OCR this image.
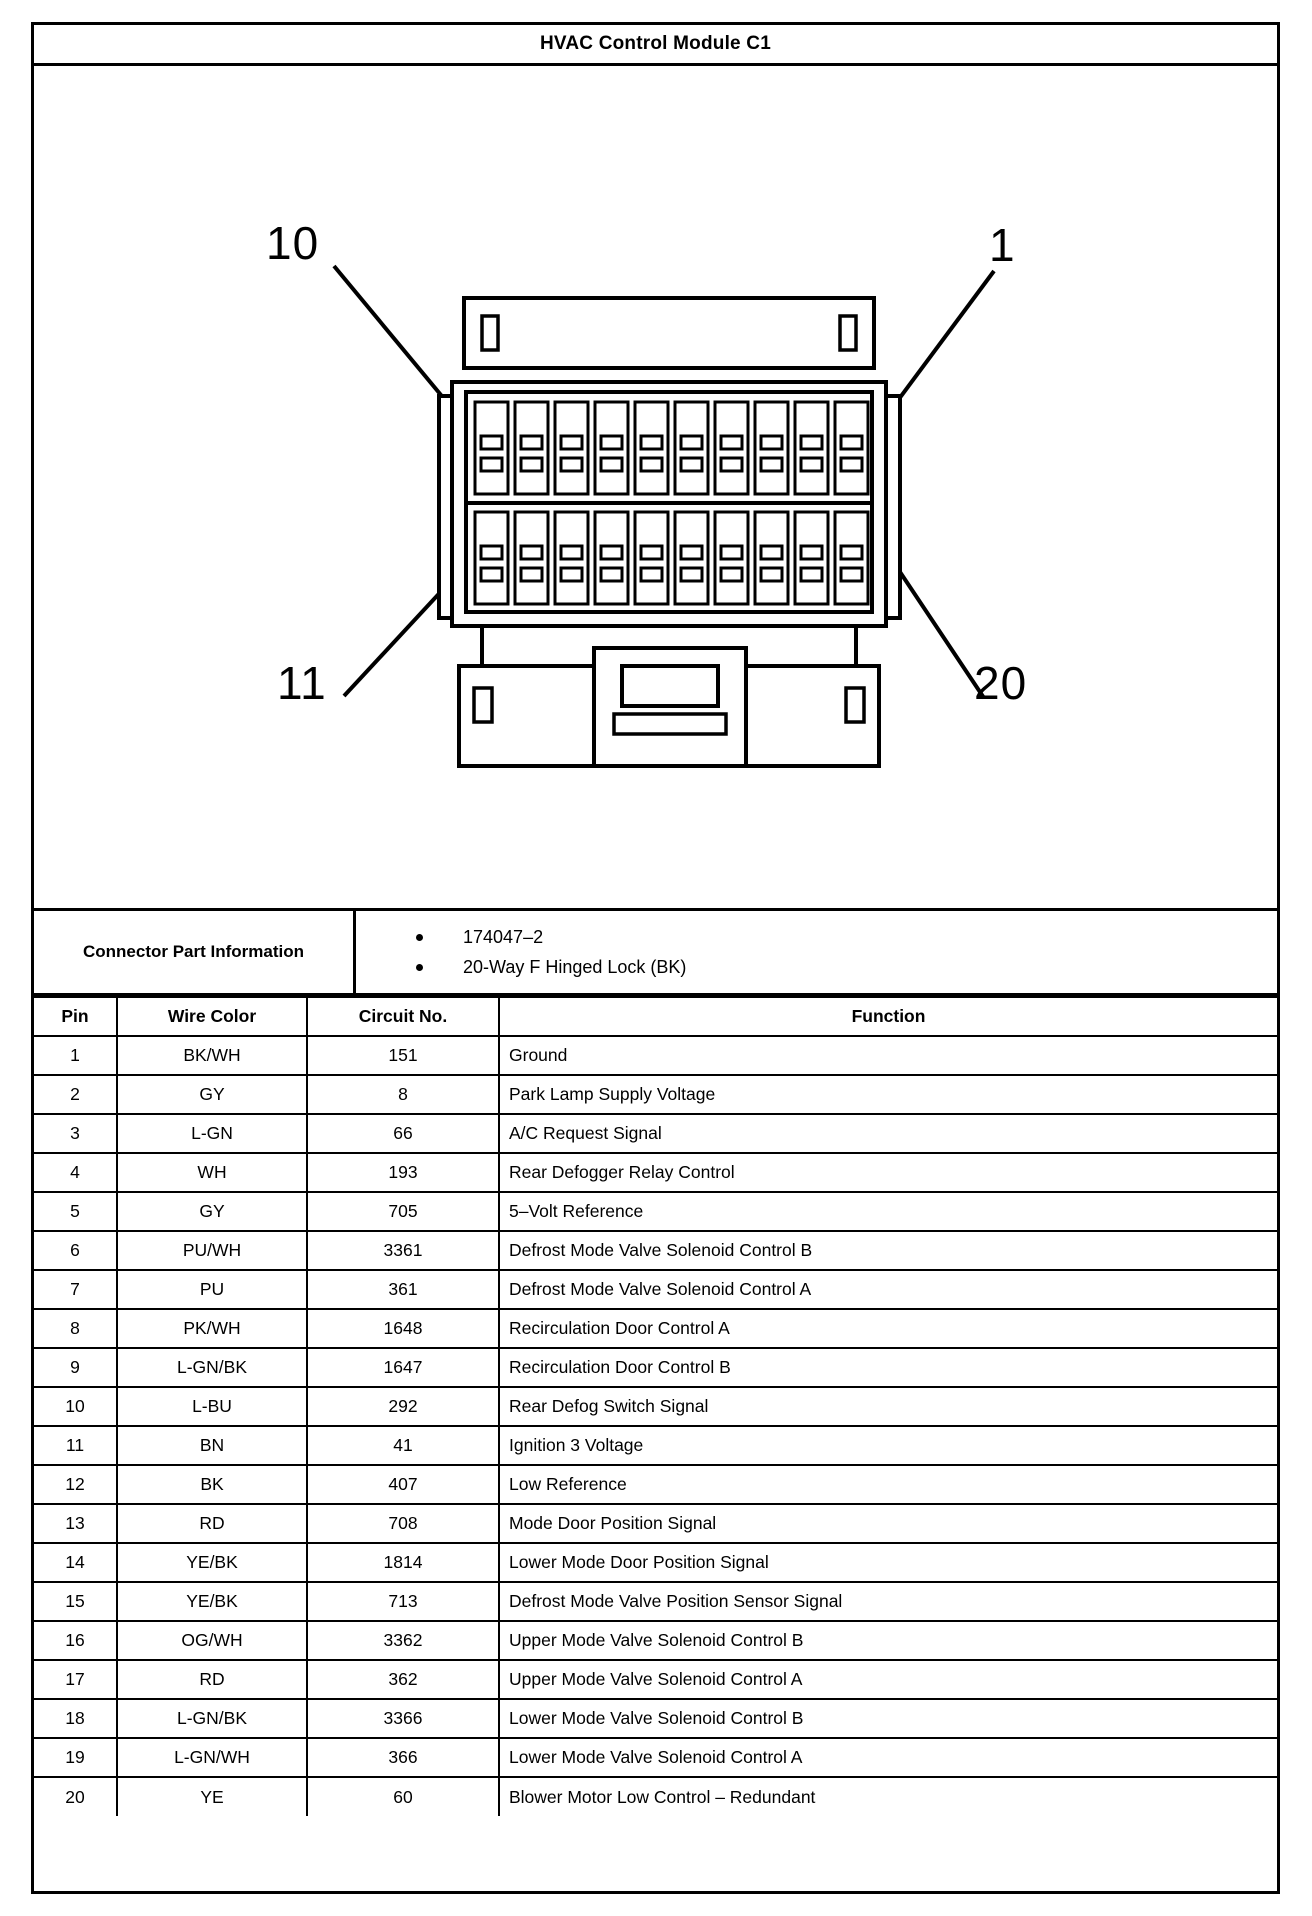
HVAC Control Module C1
10
11
1
20
Connector Part Information
174047–2
20-Way F Hinged Lock (BK)
Pin	Wire Color	Circuit No.	Function
1	BK/WH	151	Ground
2	GY	8	Park Lamp Supply Voltage
3	L-GN	66	A/C Request Signal
4	WH	193	Rear Defogger Relay Control
5	GY	705	5–Volt Reference
6	PU/WH	3361	Defrost Mode Valve Solenoid Control B
7	PU	361	Defrost Mode Valve Solenoid Control A
8	PK/WH	1648	Recirculation Door Control A
9	L-GN/BK	1647	Recirculation Door Control B
10	L-BU	292	Rear Defog Switch Signal
11	BN	41	Ignition 3 Voltage
12	BK	407	Low Reference
13	RD	708	Mode Door Position Signal
14	YE/BK	1814	Lower Mode Door Position Signal
15	YE/BK	713	Defrost Mode Valve Position Sensor Signal
16	OG/WH	3362	Upper Mode Valve Solenoid Control B
17	RD	362	Upper Mode Valve Solenoid Control A
18	L-GN/BK	3366	Lower Mode Valve Solenoid Control B
19	L-GN/WH	366	Lower Mode Valve Solenoid Control A
20	YE	60	Blower Motor Low Control – Redundant
